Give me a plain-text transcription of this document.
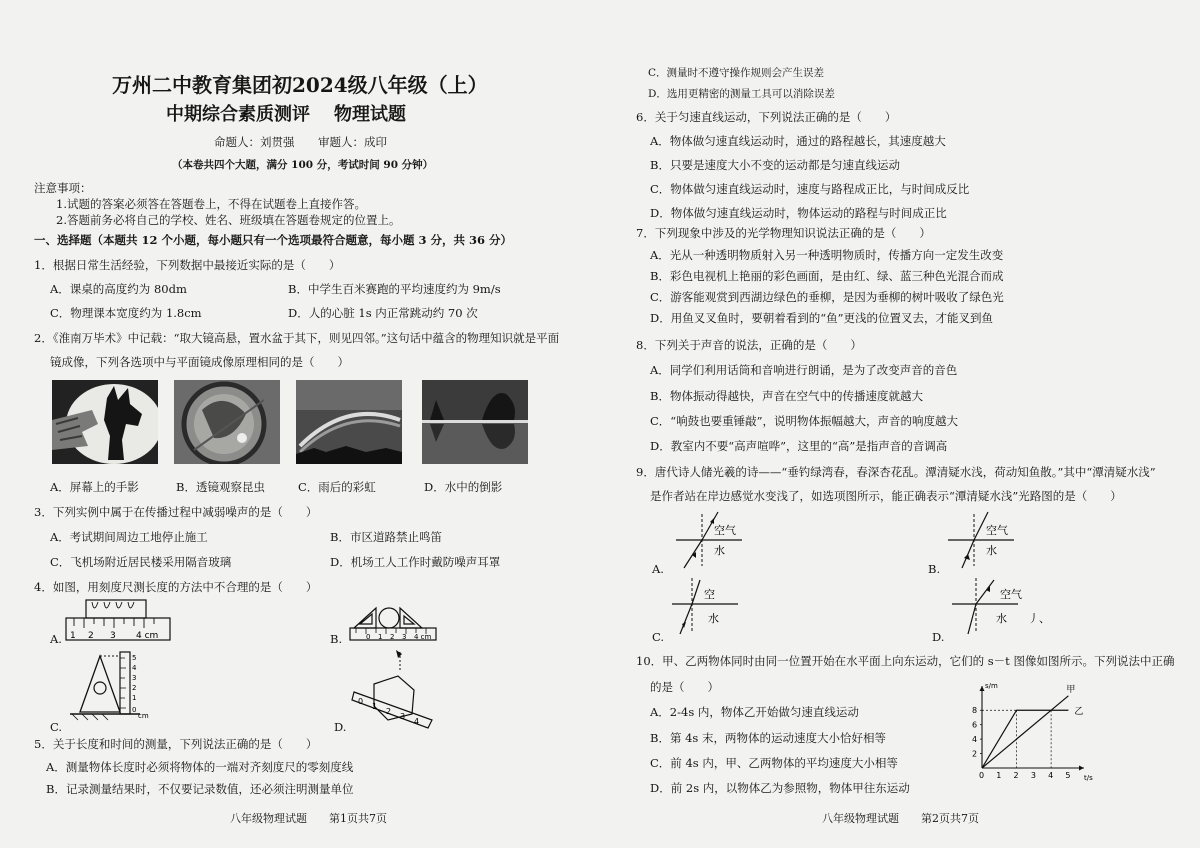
万州二中教育集团初2024级八年级（上）
中期综合素质测评 物理试题
命题人：刘贯强 审题人：成印
（本卷共四个大题，满分 100 分，考试时间 90 分钟）
注意事项：
1.试题的答案必须答在答题卷上，不得在试题卷上直接作答。
2.答题前务必将自己的学校、姓名、班级填在答题卷规定的位置上。
一、选择题（本题共 12 个小题，每小题只有一个选项最符合题意，每小题 3 分，共 36 分）
1．根据日常生活经验，下列数据中最接近实际的是（　　）
A．课桌的高度约为 80dm	B．中学生百米赛跑的平均速度约为 9m/s
C．物理课本宽度约为 1.8cm	D．人的心脏 1s 内正常跳动约 70 次
2．《淮南万毕术》中记载：“取大镜高悬，置水盆于其下，则见四邻。”这句话中蕴含的物理知识就是平面
镜成像，下列各选项中与平面镜成像原理相同的是（　　）
A．屏幕上的手影	B．透镜观察昆虫	C．雨后的彩虹	D．水中的倒影
3．下列实例中属于在传播过程中减弱噪声的是（　　）
A．考试期间周边工地停止施工	B．市区道路禁止鸣笛
C．飞机场附近居民楼采用隔音玻璃	D．机场工人工作时戴防噪声耳罩
4．如图，用刻度尺测长度的方法中不合理的是（　　）
A. 1 2 3 4 cm	B.	0 1 2 3 4 cm
C.
5
4
3
2
1
0
cm
D.
0
1
2
3
4
5．关于长度和时间的测量，下列说法正确的是（　　）
A．测量物体长度时必须将物体的一端对齐刻度尺的零刻度线
B．记录测量结果时，不仅要记录数值，还必须注明测量单位
八年级物理试题　　第1页共7页
C．测量时不遵守操作规则会产生误差
D．选用更精密的测量工具可以消除误差
6．关于匀速直线运动，下列说法正确的是（　　）
A．物体做匀速直线运动时，通过的路程越长，其速度越大
B．只要是速度大小不变的运动都是匀速直线运动
C．物体做匀速直线运动时，速度与路程成正比，与时间成反比
D．物体做匀速直线运动时，物体运动的路程与时间成正比
7．下列现象中涉及的光学物理知识说法正确的是（　　）
A．光从一种透明物质射入另一种透明物质时，传播方向一定发生改变
B．彩色电视机上艳丽的彩色画面，是由红、绿、蓝三种色光混合而成
C．游客能观赏到西湖边绿色的垂柳，是因为垂柳的树叶吸收了绿色光
D．用鱼叉叉鱼时，要朝着看到的“鱼”更浅的位置叉去，才能叉到鱼
8．下列关于声音的说法，正确的是（　　）
A．同学们利用话筒和音响进行朗诵，是为了改变声音的音色
B．物体振动得越快，声音在空气中的传播速度就越大
C．“响鼓也要重锤敲”，说明物体振幅越大，声音的响度越大
D．教室内不要“高声喧哗”，这里的“高”是指声音的音调高
9．唐代诗人储光羲的诗——“垂钓绿湾春，春深杏花乱。潭清疑水浅，荷动知鱼散。”其中“潭清疑水浅”
是作者站在岸边感觉水变浅了，如选项图所示，能正确表示“潭清疑水浅”光路图的是（　　）
A.
空气
水
B.
空气
水
C.
空
水
D.
空气
水 丿、
10．甲、乙两物体同时由同一位置开始在水平面上向东运动，它们的 s－t 图像如图所示。下列说法中正确
的是（　　）
A．2-4s 内，物体乙开始做匀速直线运动
B．第 4s 末，两物体的运动速度大小恰好相等
C．前 4s 内，甲、乙两物体的平均速度大小相等
D．前 2s 内，以物体乙为参照物，物体甲往东运动
0 1 2 3 4 5
2
4
6
8
t/s
s/m	甲
乙
八年级物理试题　　第2页共7页
